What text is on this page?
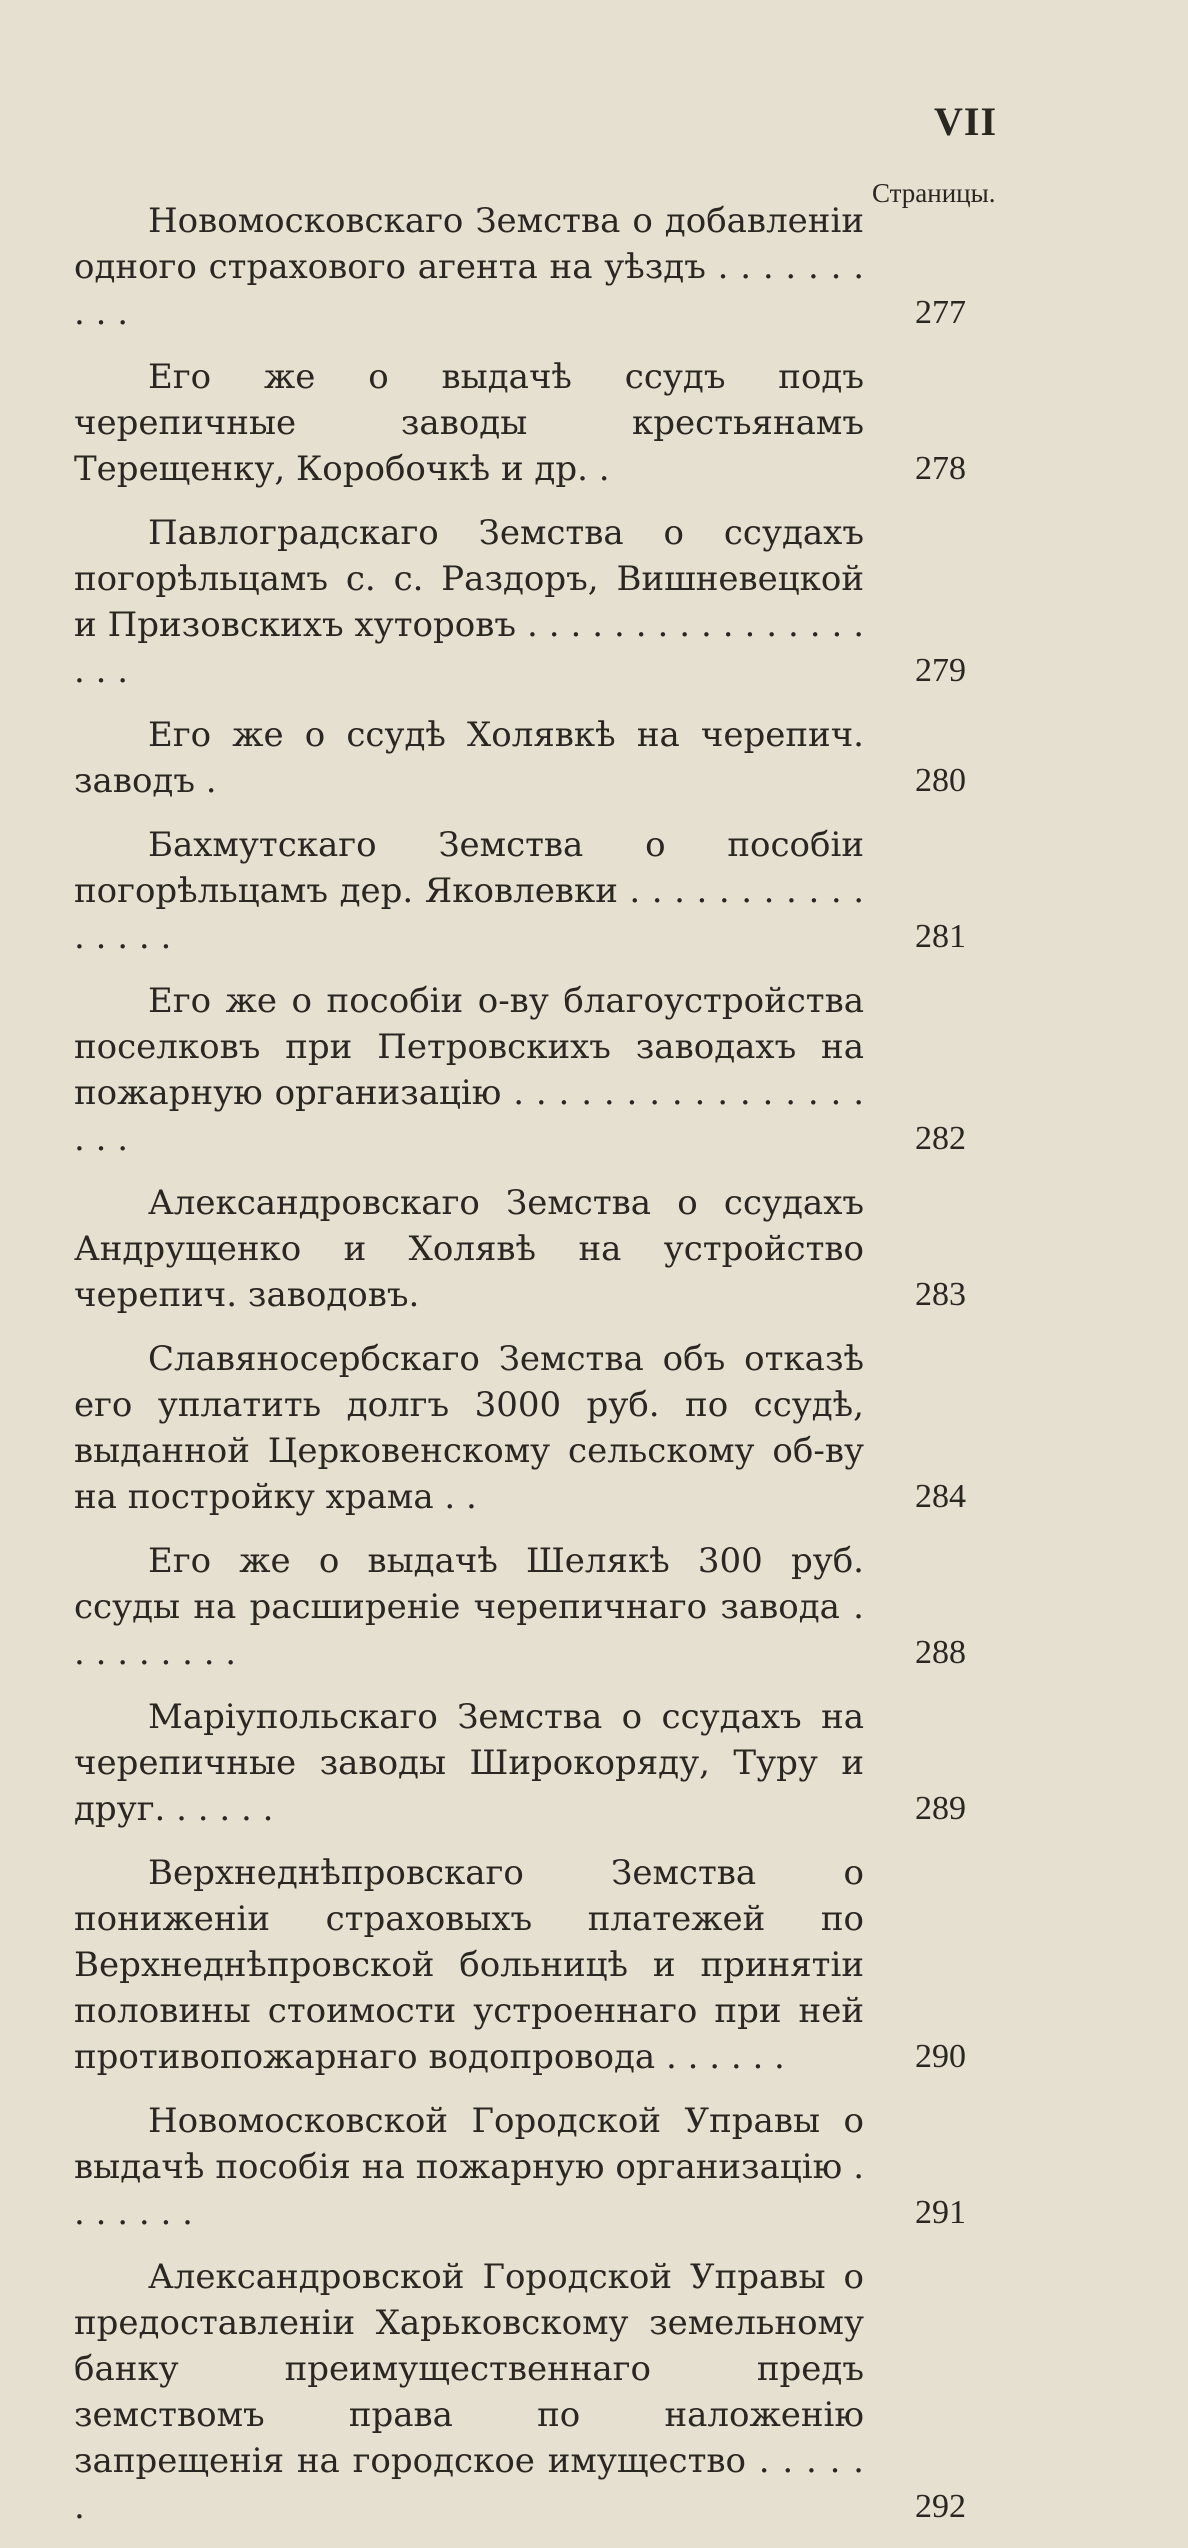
VII
Страницы.
Новомосковскаго Земства о добавленіи одного страхового агента на уѣздъ . . . . . . . . . .	277
Его же о выдачѣ ссудъ подъ черепичные заводы крестьянамъ Терещенку, Коробочкѣ и др. .	278
Павлоградскаго Земства о ссудахъ погорѣльцамъ с. с. Раздоръ, Вишневецкой и Призовскихъ хуторовъ . . . . . . . . . . . . . . . . . . .	279
Его же о ссудѣ Холявкѣ на черепич. заводъ .	280
Бахмутскаго Земства о пособіи погорѣльцамъ дер. Яковлевки . . . . . . . . . . . . . . . .	281
Его же о пособіи о-ву благоустройства поселковъ при Петровскихъ заводахъ на пожарную организацію . . . . . . . . . . . . . . . . . . .	282
Александровскаго Земства о ссудахъ Андрущенко и Холявѣ на устройство черепич. заводовъ.	283
Славяносербскаго Земства объ отказѣ его уплатить долгъ 3000 руб. по ссудѣ, выданной Церковенскому сельскому об-ву на постройку храма . .	284
Его же о выдачѣ Шелякѣ 300 руб. ссуды на расширеніе черепичнаго завода . . . . . . . . .	288
Маріупольскаго Земства о ссудахъ на черепичные заводы Широкоряду, Туру и друг. . . . . .	289
Верхнеднѣпровскаго Земства о пониженіи страховыхъ платежей по Верхнеднѣпровской больницѣ и принятіи половины стоимости устроеннаго при ней противопожарнаго водопровода . . . . . .	290
Новомосковской Городской Управы о выдачѣ пособія на пожарную организацію . . . . . . .	291
Александровской Городской Управы о предоставленіи Харьковскому земельному банку преимущественнаго предъ земствомъ права по наложенію запрещенія на городское имущество . . . . . .	292
